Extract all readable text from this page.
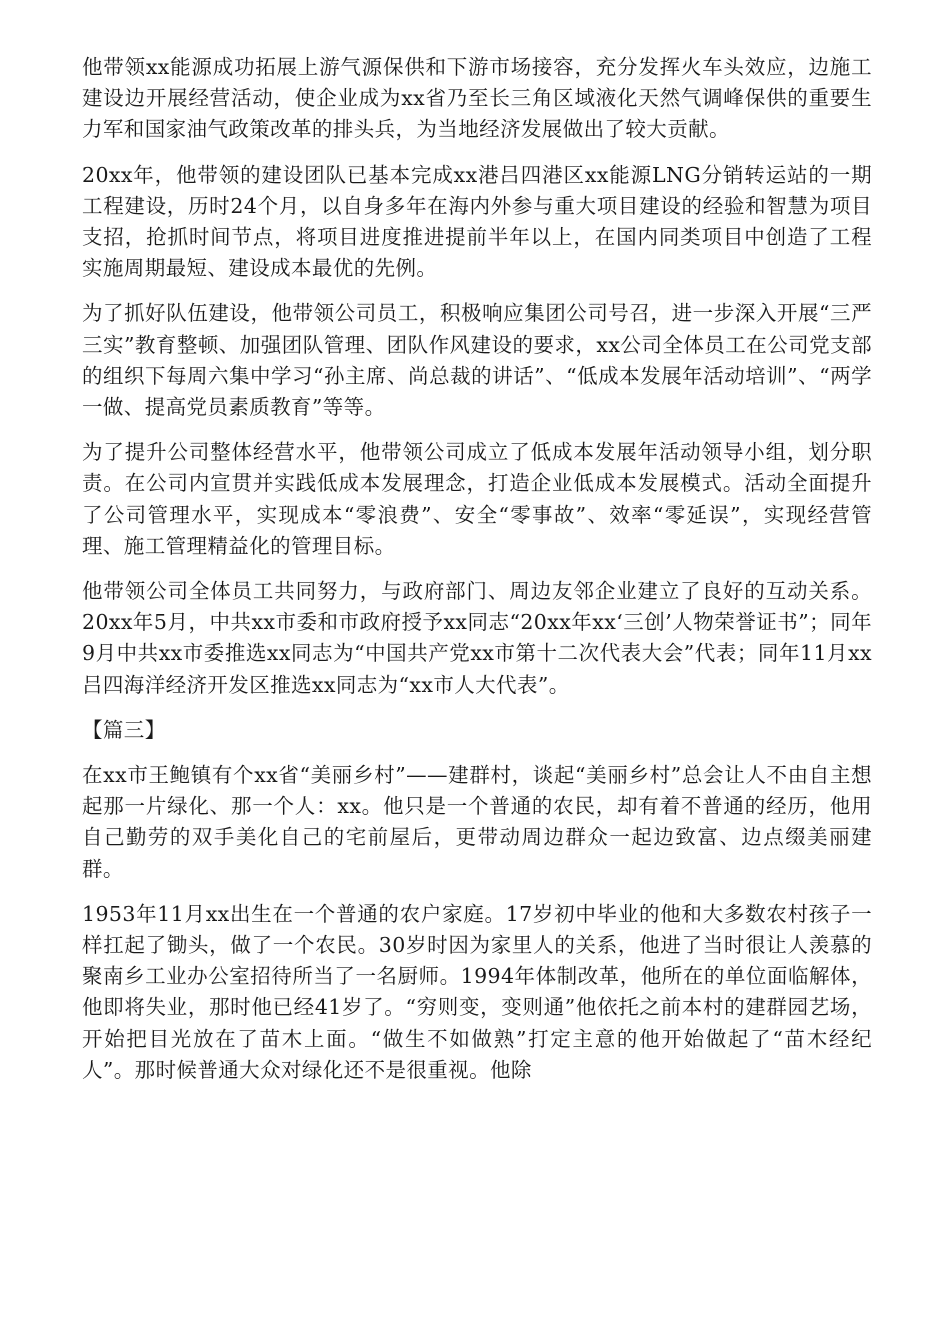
他带领xx能源成功拓展上游气源保供和下游市场接容，充分发挥火车头效应，边施工建设边开展经营活动，使企业成为xx省乃至长三角区域液化天然气调峰保供的重要生力军和国家油气政策改革的排头兵，为当地经济发展做出了较大贡献。

20xx年，他带领的建设团队已基本完成xx港吕四港区xx能源LNG分销转运站的一期工程建设，历时24个月，以自身多年在海内外参与重大项目建设的经验和智慧为项目支招，抢抓时间节点，将项目进度推进提前半年以上，在国内同类项目中创造了工程实施周期最短、建设成本最优的先例。

为了抓好队伍建设，他带领公司员工，积极响应集团公司号召，进一步深入开展“三严三实”教育整顿、加强团队管理、团队作风建设的要求，xx公司全体员工在公司党支部的组织下每周六集中学习“孙主席、尚总裁的讲话”、“低成本发展年活动培训”、“两学一做、提高党员素质教育”等等。

为了提升公司整体经营水平，他带领公司成立了低成本发展年活动领导小组，划分职责。在公司内宣贯并实践低成本发展理念，打造企业低成本发展模式。活动全面提升了公司管理水平，实现成本“零浪费”、安全“零事故”、效率“零延误”，实现经营管理、施工管理精益化的管理目标。

他带领公司全体员工共同努力，与政府部门、周边友邻企业建立了良好的互动关系。20xx年5月，中共xx市委和市政府授予xx同志“20xx年xx‘三创’人物荣誉证书”；同年9月中共xx市委推选xx同志为“中国共产党xx市第十二次代表大会”代表；同年11月xx吕四海洋经济开发区推选xx同志为“xx市人大代表”。

【篇三】

在xx市王鲍镇有个xx省“美丽乡村”——建群村，谈起“美丽乡村”总会让人不由自主想起那一片绿化、那一个人：xx。他只是一个普通的农民，却有着不普通的经历，他用自己勤劳的双手美化自己的宅前屋后，更带动周边群众一起边致富、边点缀美丽建群。

1953年11月xx出生在一个普通的农户家庭。17岁初中毕业的他和大多数农村孩子一样扛起了锄头，做了一个农民。30岁时因为家里人的关系，他进了当时很让人羡慕的聚南乡工业办公室招待所当了一名厨师。1994年体制改革，他所在的单位面临解体，他即将失业，那时他已经41岁了。“穷则变，变则通”他依托之前本村的建群园艺场，开始把目光放在了苗木上面。“做生不如做熟”打定主意的他开始做起了“苗木经纪人”。那时候普通大众对绿化还不是很重视。他除
